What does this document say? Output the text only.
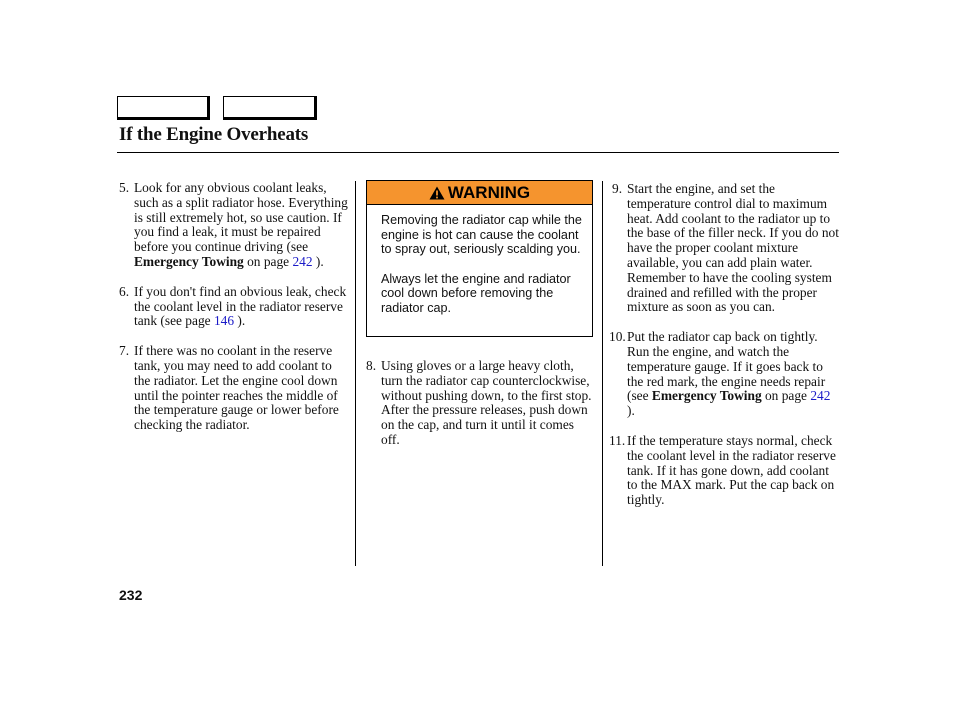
If the Engine Overheats
5. Look for any obvious coolant leaks, such as a split radiator hose. Everything is still extremely hot, so use caution. If you find a leak, it must be repaired before you continue driving (see Emergency Towing on page 242 ).
6. If you don't find an obvious leak, check the coolant level in the radiator reserve tank (see page 146 ).
7. If there was no coolant in the reserve tank, you may need to add coolant to the radiator. Let the engine cool down until the pointer reaches the middle of the temperature gauge or lower before checking the radiator.
WARNING

Removing the radiator cap while the engine is hot can cause the coolant to spray out, seriously scalding you.

Always let the engine and radiator cool down before removing the radiator cap.

8. Using gloves or a large heavy cloth, turn the radiator cap counterclockwise, without pushing down, to the first stop. After the pressure releases, push down on the cap, and turn it until it comes off.
9. Start the engine, and set the temperature control dial to maximum heat. Add coolant to the radiator up to the base of the filler neck. If you do not have the proper coolant mixture available, you can add plain water. Remember to have the cooling system drained and refilled with the proper mixture as soon as you can.
10. Put the radiator cap back on tightly. Run the engine, and watch the temperature gauge. If it goes back to the red mark, the engine needs repair (see Emergency Towing on page 242 ).
11. If the temperature stays normal, check the coolant level in the radiator reserve tank. If it has gone down, add coolant to the MAX mark. Put the cap back on tightly.
232
